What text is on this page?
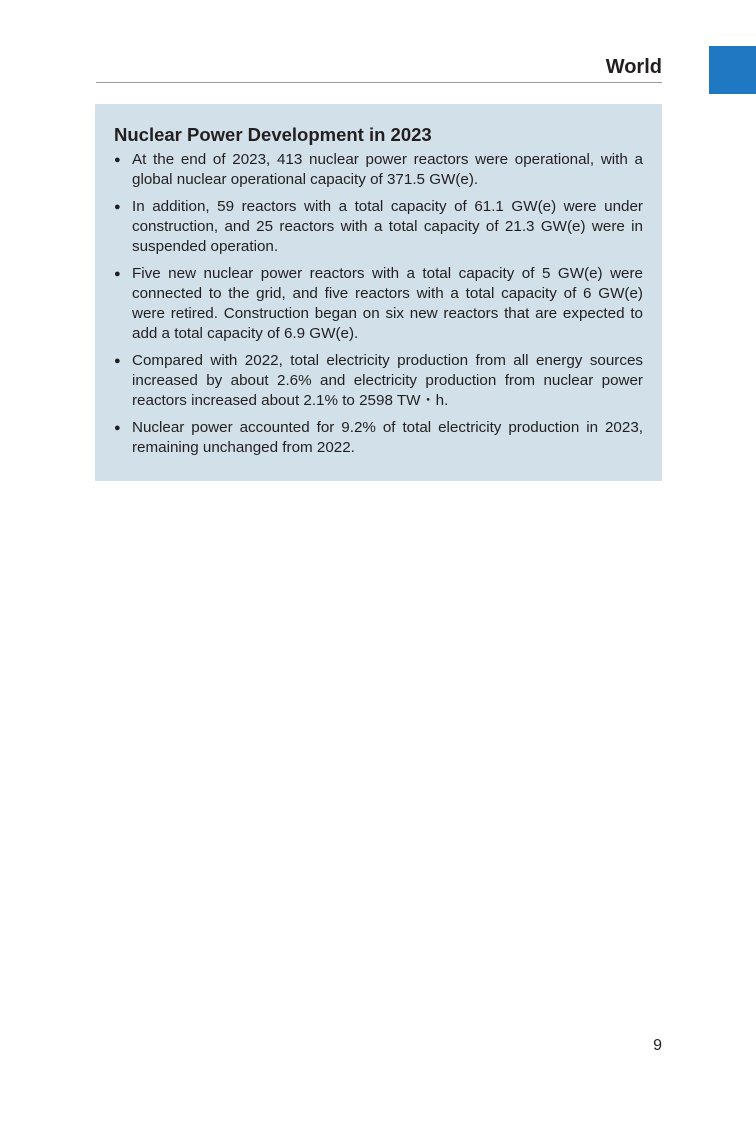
World
Nuclear Power Development in 2023
● At the end of 2023, 413 nuclear power reactors were operational, with a global nuclear operational capacity of 371.5 GW(e).
● In addition, 59 reactors with a total capacity of 61.1 GW(e) were under construction, and 25 reactors with a total capacity of 21.3 GW(e) were in suspended operation.
● Five new nuclear power reactors with a total capacity of 5 GW(e) were connected to the grid, and five reactors with a total capacity of 6 GW(e) were retired. Construction began on six new reactors that are expected to add a total capacity of 6.9 GW(e).
● Compared with 2022, total electricity production from all energy sources increased by about 2.6% and electricity production from nuclear power reactors increased about 2.1% to 2598 TW・h.
● Nuclear power accounted for 9.2% of total electricity production in 2023, remaining unchanged from 2022.
9
